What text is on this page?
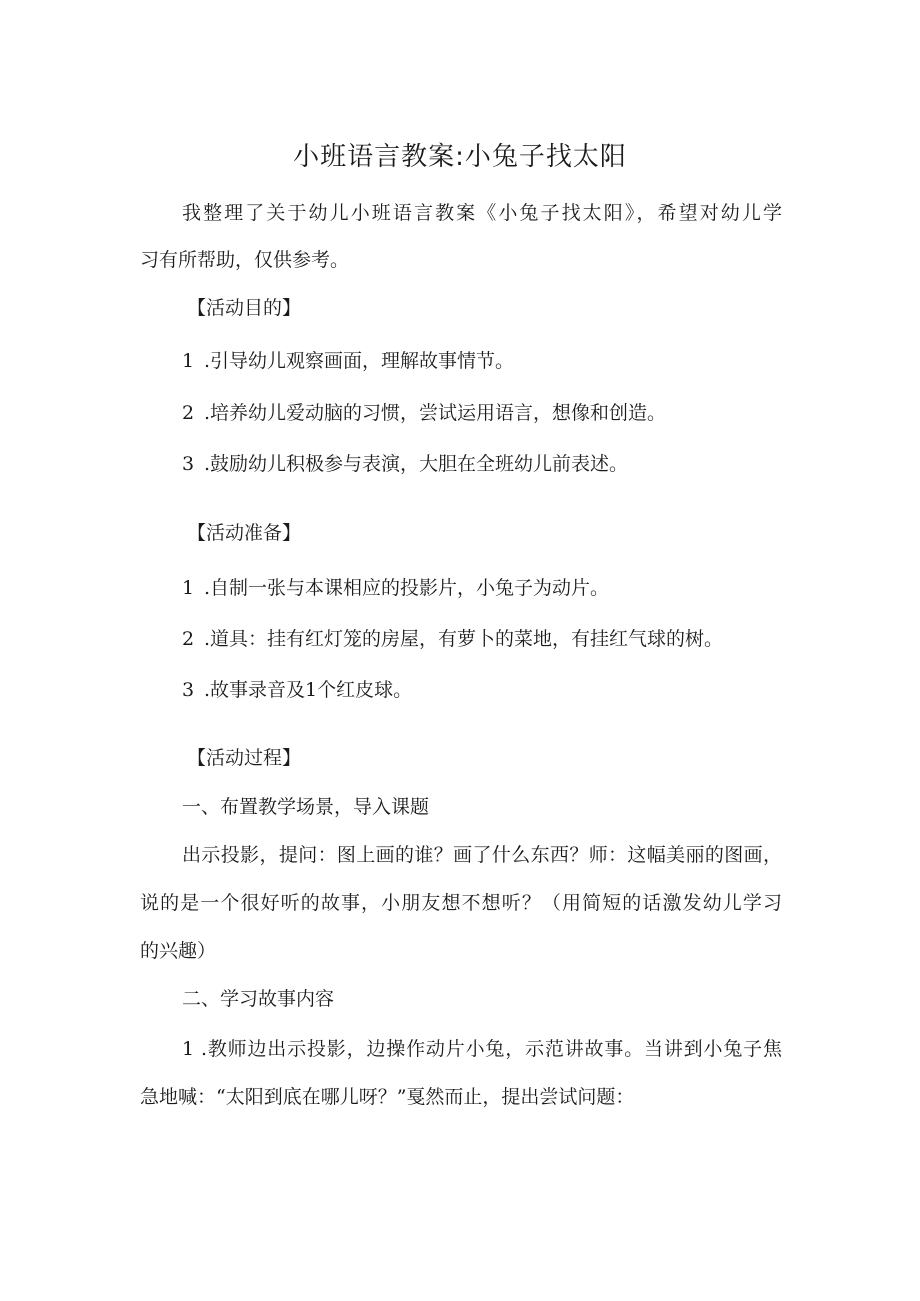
小班语言教案:小兔子找太阳

我整理了关于幼儿小班语言教案《小兔子找太阳》，希望对幼儿学

习有所帮助，仅供参考。

【活动目的】

1 .引导幼儿观察画面，理解故事情节。

2 .培养幼儿爱动脑的习惯，尝试运用语言，想像和创造。

3 .鼓励幼儿积极参与表演，大胆在全班幼儿前表述。

【活动准备】

1 .自制一张与本课相应的投影片，小兔子为动片。

2 .道具：挂有红灯笼的房屋，有萝卜的菜地，有挂红气球的树。

3 .故事录音及1个红皮球。

【活动过程】

一、布置教学场景，导入课题

出示投影，提问：图上画的谁？画了什么东西？师：这幅美丽的图画，

说的是一个很好听的故事，小朋友想不想听？（用简短的话激发幼儿学习

的兴趣）

二、学习故事内容

1 .教师边出示投影，边操作动片小兔，示范讲故事。当讲到小兔子焦

急地喊：“太阳到底在哪儿呀？”戛然而止，提出尝试问题：
